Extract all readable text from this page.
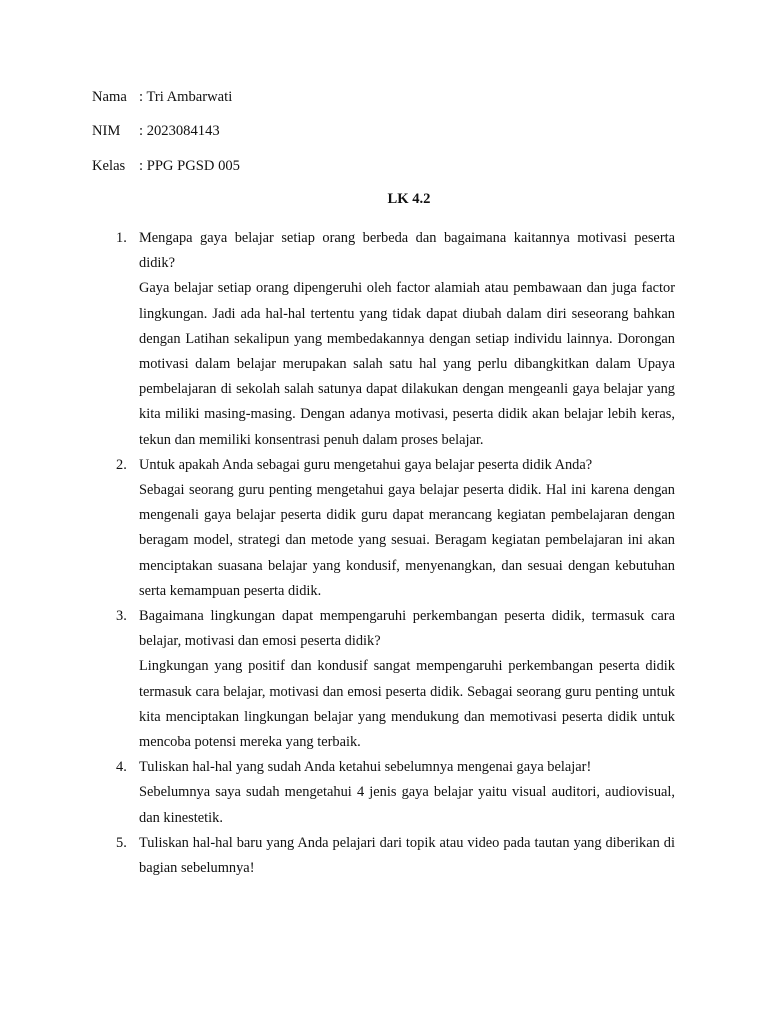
Nama : Tri Ambarwati
NIM : 2023084143
Kelas : PPG PGSD 005
LK 4.2
1. Mengapa gaya belajar setiap orang berbeda dan bagaimana kaitannya motivasi peserta didik?
Gaya belajar setiap orang dipengeruhi oleh factor alamiah atau pembawaan dan juga factor lingkungan. Jadi ada hal-hal tertentu yang tidak dapat diubah dalam diri seseorang bahkan dengan Latihan sekalipun yang membedakannya dengan setiap individu lainnya. Dorongan motivasi dalam belajar merupakan salah satu hal yang perlu dibangkitkan dalam Upaya pembelajaran di sekolah salah satunya dapat dilakukan dengan mengeanli gaya belajar yang kita miliki masing-masing. Dengan adanya motivasi, peserta didik akan belajar lebih keras, tekun dan memiliki konsentrasi penuh dalam proses belajar.
2. Untuk apakah Anda sebagai guru mengetahui gaya belajar peserta didik Anda?
Sebagai seorang guru penting mengetahui gaya belajar peserta didik. Hal ini karena dengan mengenali gaya belajar peserta didik guru dapat merancang kegiatan pembelajaran dengan beragam model, strategi dan metode yang sesuai. Beragam kegiatan pembelajaran ini akan menciptakan suasana belajar yang kondusif, menyenangkan, dan sesuai dengan kebutuhan serta kemampuan peserta didik.
3. Bagaimana lingkungan dapat mempengaruhi perkembangan peserta didik, termasuk cara belajar, motivasi dan emosi peserta didik?
Lingkungan yang positif dan kondusif sangat mempengaruhi perkembangan peserta didik termasuk cara belajar, motivasi dan emosi peserta didik. Sebagai seorang guru penting untuk kita menciptakan lingkungan belajar yang mendukung dan memotivasi peserta didik untuk mencoba potensi mereka yang terbaik.
4. Tuliskan hal-hal yang sudah Anda ketahui sebelumnya mengenai gaya belajar!
Sebelumnya saya sudah mengetahui 4 jenis gaya belajar yaitu visual auditori, audiovisual, dan kinestetik.
5. Tuliskan hal-hal baru yang Anda pelajari dari topik atau video pada tautan yang diberikan di bagian sebelumnya!
